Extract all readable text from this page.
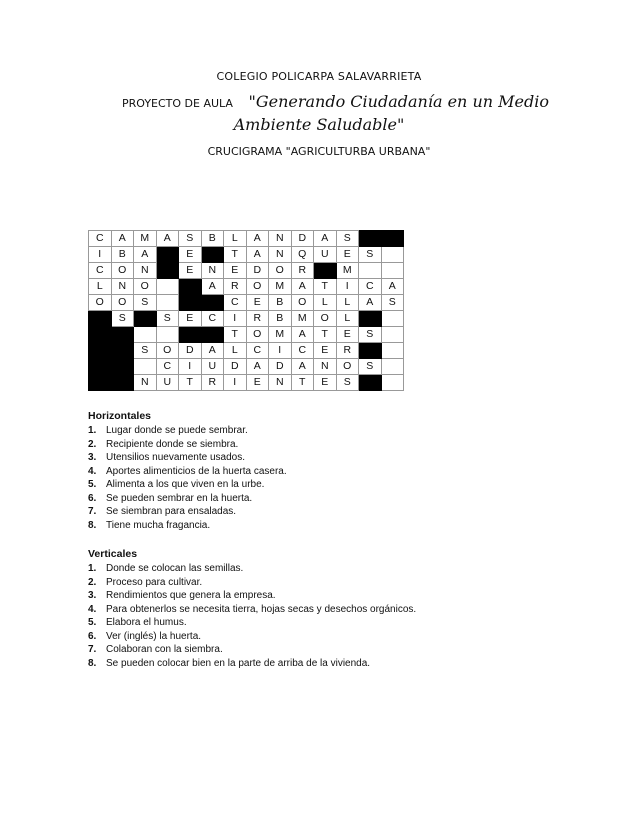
COLEGIO POLICARPA SALAVARRIETA
PROYECTO DE AULA "Generando Ciudadanía en un Medio
Ambiente Saludable"
CRUCIGRAMA "AGRICULTURBA URBANA"
C	A	M	A	S	B	L	A	N	D	A	S		
I	B	A		E		T	A	N	Q	U	E	S	
C	O	N		E	N	E	D	O	R		M		
L	N	O			A	R	O	M	A	T	I	C	A
O	O	S				C	E	B	O	L	L	A	S
	S		S	E	C	I	R	B	M	O	L		
						T	O	M	A	T	E	S	
		S	O	D	A	L	C	I	C	E	R		
			C	I	U	D	A	D	A	N	O	S	
		N	U	T	R	I	E	N	T	E	S		
Horizontales
1. Lugar donde se puede sembrar.
2. Recipiente donde se siembra.
3. Utensilios nuevamente usados.
4. Aportes alimenticios de la huerta casera.
5. Alimenta a los que viven en la urbe.
6. Se pueden sembrar en la huerta.
7. Se siembran para ensaladas.
8. Tiene mucha fragancia.
Verticales
1. Donde se colocan las semillas.
2. Proceso para cultivar.
3. Rendimientos que genera la empresa.
4. Para obtenerlos se necesita tierra, hojas secas y desechos orgánicos.
5. Elabora el humus.
6. Ver (inglés) la huerta.
7. Colaboran con la siembra.
8. Se pueden colocar bien en la parte de arriba de la vivienda.
